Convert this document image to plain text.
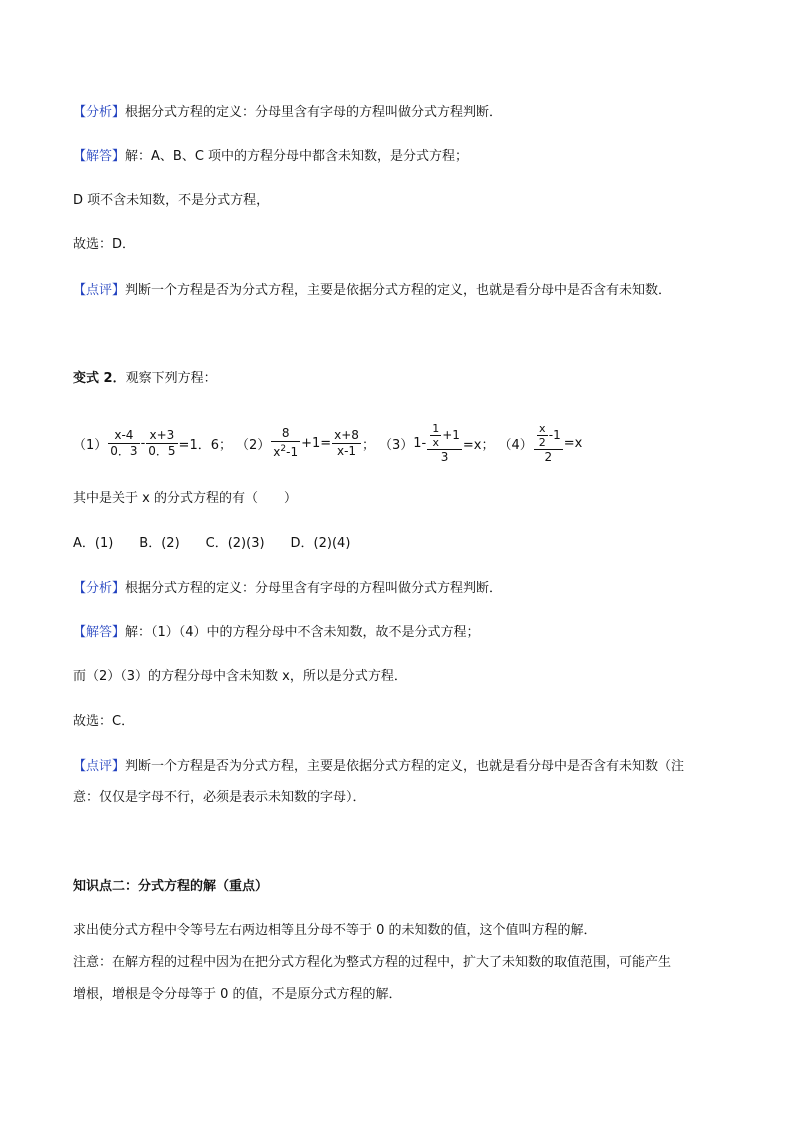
【分析】根据分式方程的定义：分母里含有字母的方程叫做分式方程判断．
【解答】解：A、B、C 项中的方程分母中都含未知数，是分式方程；
D 项不含未知数，不是分式方程，
故选：D．
【点评】判断一个方程是否为分式方程，主要是依据分式方程的定义，也就是看分母中是否含有未知数．
变式 2．观察下列方程：
$(1) \frac{x-4}{0.3} - \frac{x+3}{0.5} =1$．6； $(2) \frac{8}{x^2-1} +1= \frac{x+8}{x-1}$ ； （3） $1- \frac{\frac{1}{x} +1}{3} =x$； $(4) \frac{\frac{x}{2} -1}{2} =x$
其中是关于 x 的分式方程的有（　　）
A．(1)　　B．(2)　　C．(2)(3)　　D．(2)(4)
【分析】根据分式方程的定义：分母里含有字母的方程叫做分式方程判断．
【解答】解：（1）（4）中的方程分母中不含未知数，故不是分式方程；
而（2）（3）的方程分母中含未知数 x，所以是分式方程．
故选：C．
【点评】判断一个方程是否为分式方程，主要是依据分式方程的定义，也就是看分母中是否含有未知数（注
意：仅仅是字母不行，必须是表示未知数的字母）．
知识点二：分式方程的解（重点）
求出使分式方程中令等号左右两边相等且分母不等于 0 的未知数的值，这个值叫方程的解．
注意：在解方程的过程中因为在把分式方程化为整式方程的过程中，扩大了未知数的取值范围，可能产生
增根，增根是令分母等于 0 的值，不是原分式方程的解．
